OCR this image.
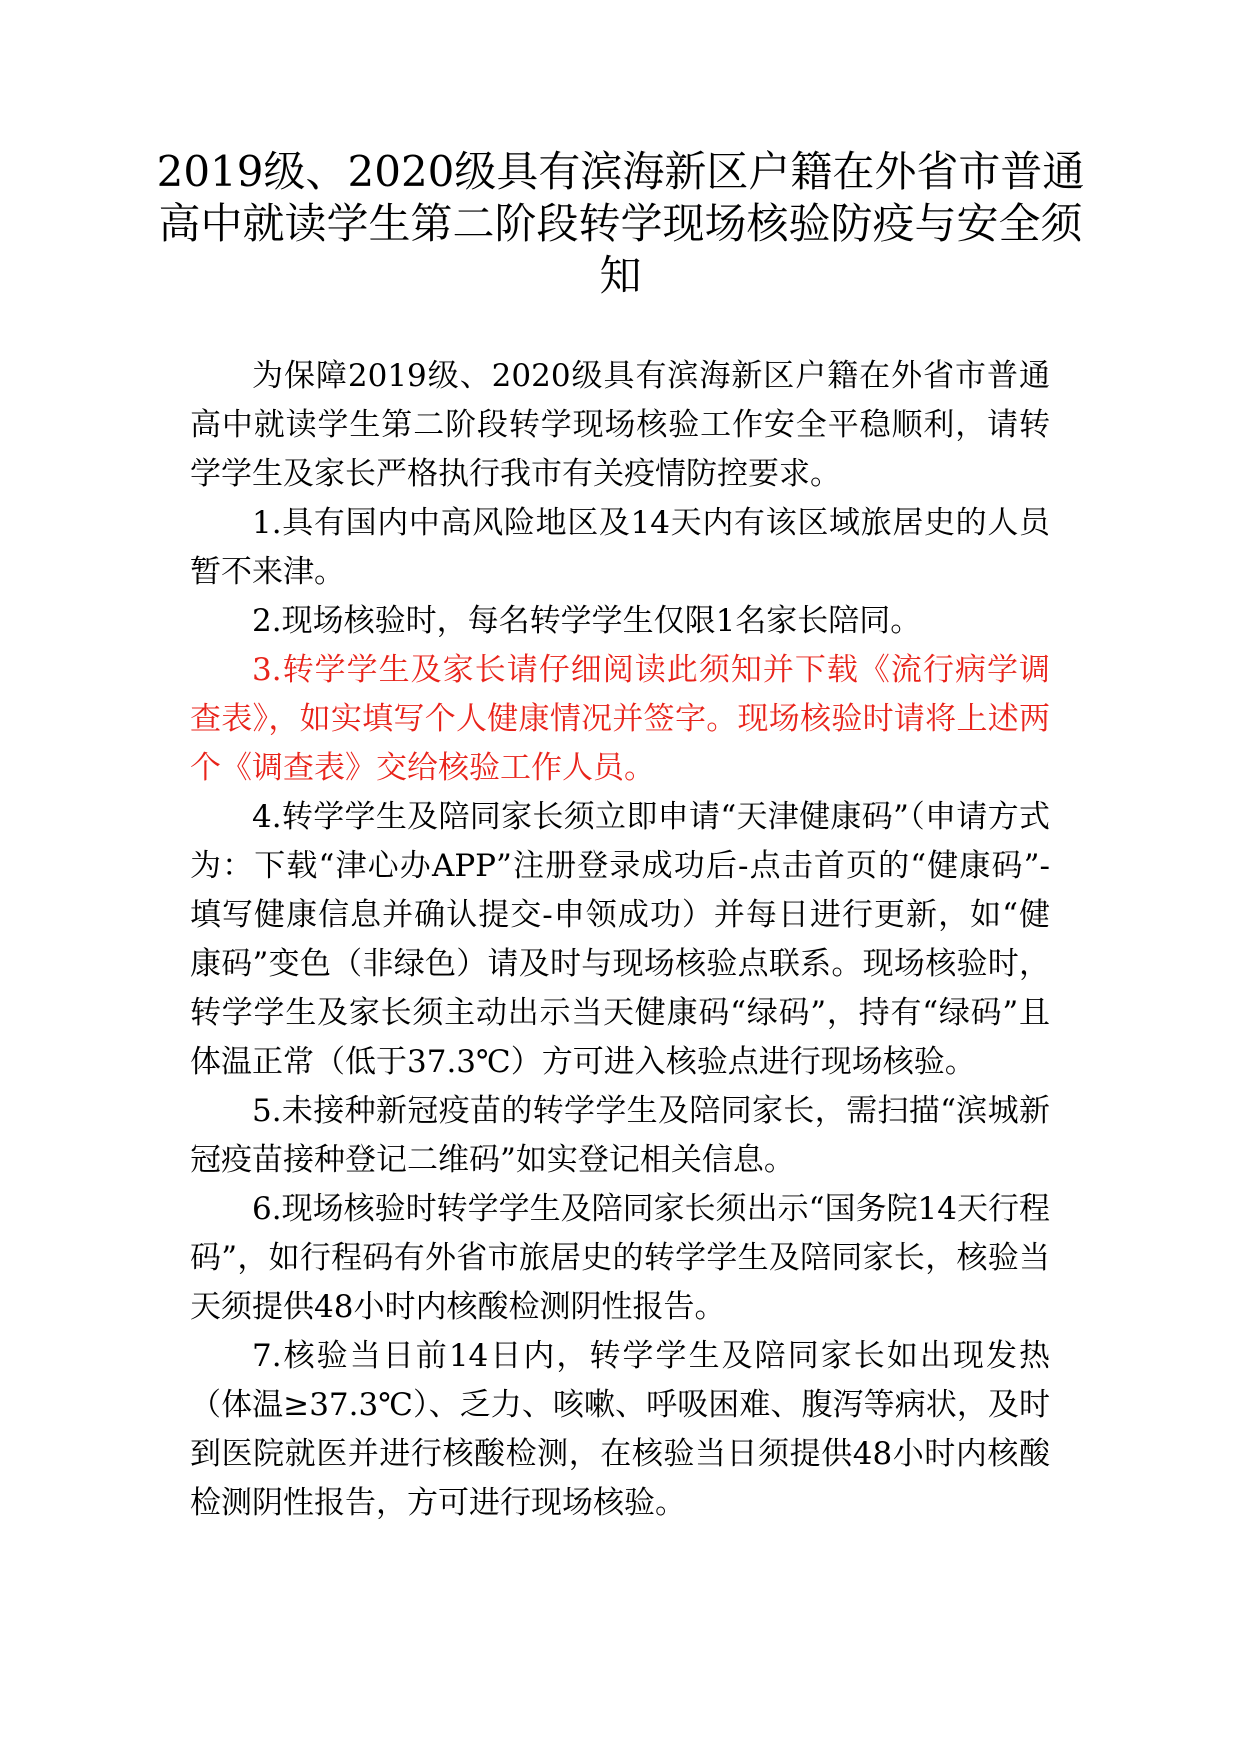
2019级、2020级具有滨海新区户籍在外省市普通高中就读学生第二阶段转学现场核验防疫与安全须知

为保障2019级、2020级具有滨海新区户籍在外省市普通高中就读学生第二阶段转学现场核验工作安全平稳顺利，请转学学生及家长严格执行我市有关疫情防控要求。

1.具有国内中高风险地区及14天内有该区域旅居史的人员暂不来津。

2.现场核验时，每名转学学生仅限1名家长陪同。

3.转学学生及家长请仔细阅读此须知并下载《流行病学调查表》，如实填写个人健康情况并签字。现场核验时请将上述两个《调查表》交给核验工作人员。

4.转学学生及陪同家长须立即申请“天津健康码”（申请方式为：下载“津心办APP”注册登录成功后-点击首页的“健康码”-填写健康信息并确认提交-申领成功）并每日进行更新，如“健康码”变色（非绿色）请及时与现场核验点联系。现场核验时，转学学生及家长须主动出示当天健康码“绿码”，持有“绿码”且体温正常（低于37.3℃）方可进入核验点进行现场核验。

5.未接种新冠疫苗的转学学生及陪同家长，需扫描“滨城新冠疫苗接种登记二维码”如实登记相关信息。

6.现场核验时转学学生及陪同家长须出示“国务院14天行程码”，如行程码有外省市旅居史的转学学生及陪同家长，核验当天须提供48小时内核酸检测阴性报告。

7.核验当日前14日内，转学学生及陪同家长如出现发热（体温≥37.3℃）、乏力、咳嗽、呼吸困难、腹泻等病状，及时到医院就医并进行核酸检测，在核验当日须提供48小时内核酸检测阴性报告，方可进行现场核验。
